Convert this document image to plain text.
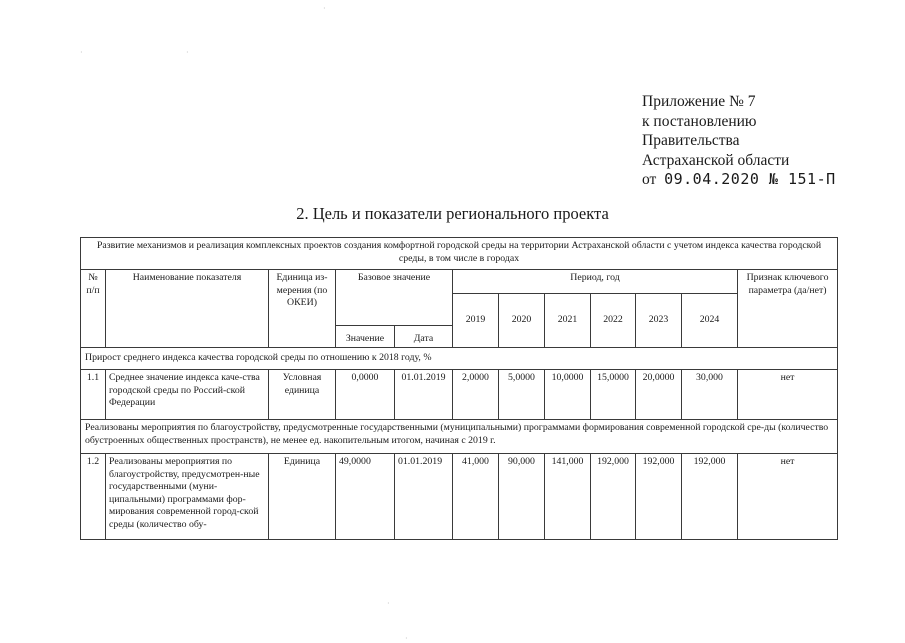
·	·
·
·
·
Приложение № 7
к постановлению
Правительства
Астраханской области
от 09.04.2020 № 151-П
2. Цель и показатели регионального проекта
Развитие механизмов и реализация комплексных проектов создания комфортной городской среды на территории Астраханской области с учетом индекса качества городской среды, в том числе в городах											
№ п/п	Наименование показателя	Единица из-мерения (по ОКЕИ)	Базовое значение		Период, год						Признак ключевого параметра (да/нет)
					2019	2020	2021	2022	2023	2024	
			Значение	Дата							
Прирост среднего индекса качества городской среды по отношению к 2018 году, %											
1.1	Среднее значение индекса каче-ства городской среды по Россий-ской Федерации	Условная единица	0,0000	01.01.2019	2,0000	5,0000	10,0000	15,0000	20,0000	30,000	нет
Реализованы мероприятия по благоустройству, предусмотренные государственными (муниципальными) программами формирования современной городской сре-ды (количество обустроенных общественных пространств), не менее ед. накопительным итогом, начиная с 2019 г.											
1.2	Реализованы мероприятия по благоустройству, предусмотрен-ные государственными (муни-ципальными) программами фор-мирования современной город-ской среды (количество обу-	Единица	49,0000	01.01.2019	41,000	90,000	141,000	192,000	192,000	192,000	нет
